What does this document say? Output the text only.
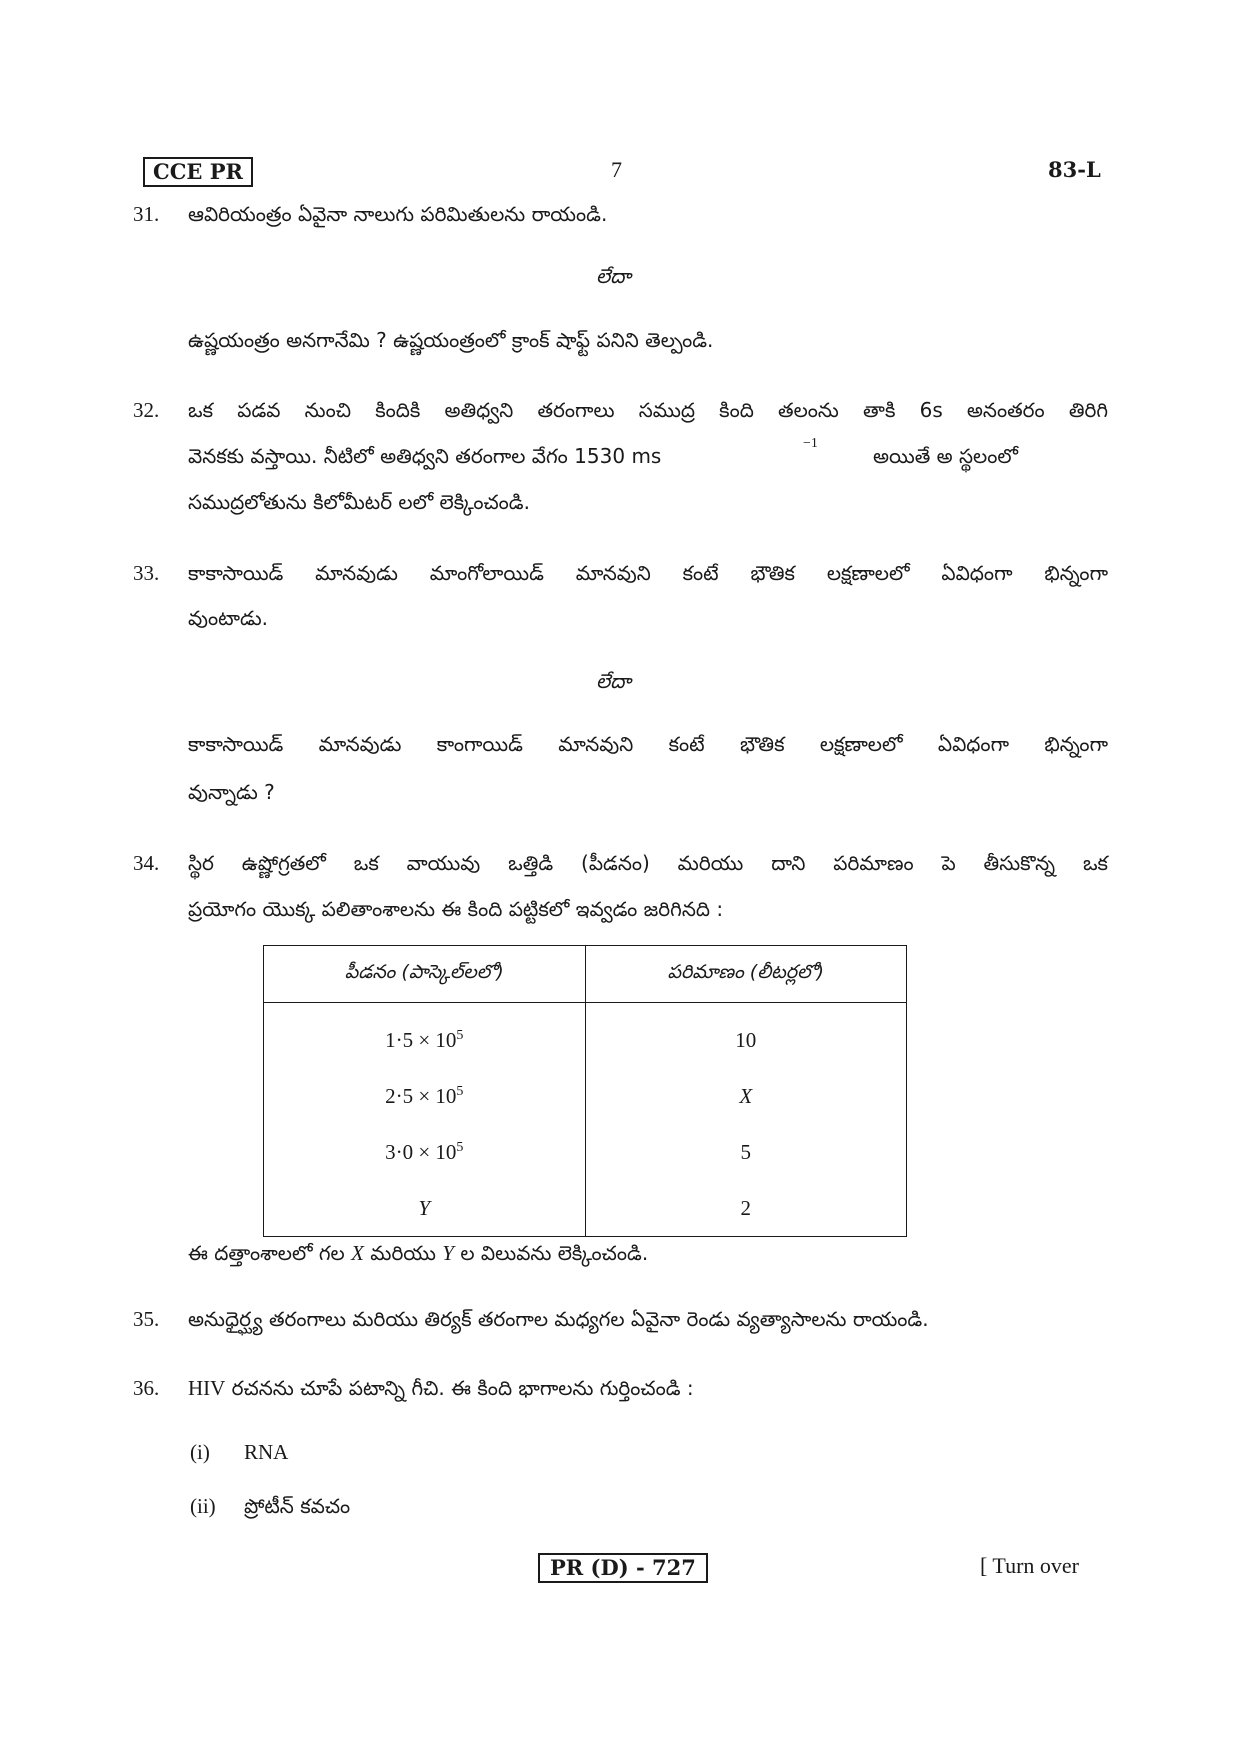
CCE PR	7	83-L
31. ఆవిరియంత్రం ఏవైనా నాలుగు పరిమితులను రాయండి.
లేదా
ఉష్ణయంత్రం అనగానేమి ? ఉష్ణయంత్రంలో క్రాంక్ షాఫ్ట్ పనిని తెల్పండి.
32. ఒక పడవ నుంచి కిందికి అతిధ్వని తరంగాలు సముద్ర కింది తలంను తాకి 6s అనంతరం తిరిగి
వెనకకు వస్తాయి. నీటిలో అతిధ్వని తరంగాల వేగం 1530 ms
−1
అయితే అ స్థలంలో
సముద్రలోతును కిలోమీటర్ లలో లెక్కించండి.
33. కాకాసాయిడ్ మానవుడు మాంగోలాయిడ్ మానవుని కంటే భౌతిక లక్షణాలలో ఏవిధంగా భిన్నంగా
వుంటాడు.
లేదా
కాకాసాయిడ్ మానవుడు కాంగాయిడ్ మానవుని కంటే భౌతిక లక్షణాలలో ఏవిధంగా భిన్నంగా
వున్నాడు ?
34. స్థిర ఉష్ణోగ్రతలో ఒక వాయువు ఒత్తిడి (పీడనం) మరియు దాని పరిమాణం పె తీసుకొన్న ఒక
ప్రయోగం యొక్క పలితాంశాలను ఈ కింది పట్టికలో ఇవ్వడం జరిగినది :
పీడనం (పాస్కెల్‌లలో)	పరిమాణం (లీటర్లలో)
$1\cdot 5 \times 10^5$	10
$2\cdot 5 \times 10^5$	X
$3\cdot 0 \times 10^5$	5
Y	2
ఈ దత్తాంశాలలో గల X మరియు Y ల విలువను లెక్కించండి.
35. అనుధైర్ఘ్య తరంగాలు మరియు తిర్యక్ తరంగాల మధ్యగల ఏవైనా రెండు వ్యత్యాసాలను రాయండి.
36. HIV రచనను చూపే పటాన్ని గీచి. ఈ కింది భాగాలను గుర్తించండి :
(i) RNA
(ii) ప్రోటీన్ కవచం
PR (D) - 727	[ Turn over
